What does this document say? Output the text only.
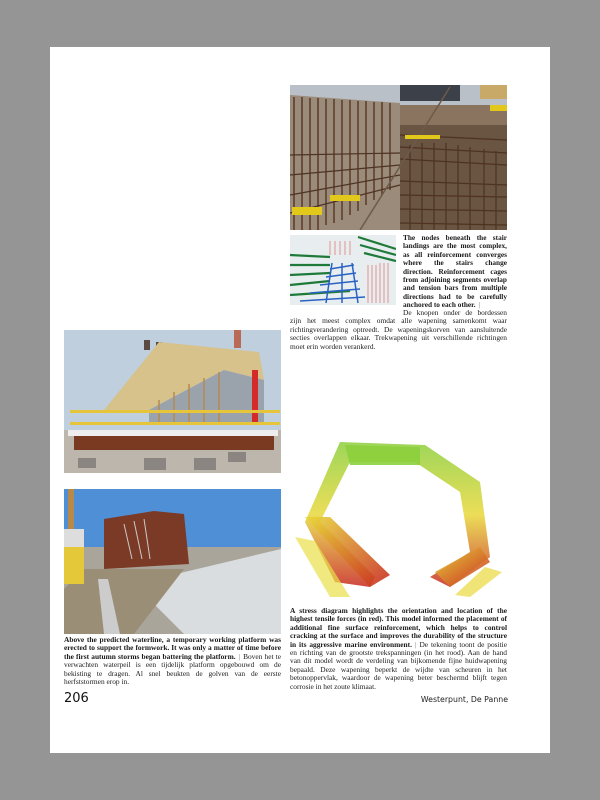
The nodes beneath the stair landings are the most complex, as all reinforcement converges where the stairs change direction. Reinforcement cages from adjoining segments overlap and tension bars from multiple directions had to be carefully anchored to each other. |
De knopen onder de bordessen zijn het meest complex omdat alle wapening samenkomt waar richtingverandering optreedt. De wapeningskorven van aansluitende secties overlappen elkaar. Trekwapening uit verschillende richtingen moet erin worden verankerd.
Above the predicted waterline, a temporary working platform was erected to support the formwork. It was only a matter of time before the first autumn storms began battering the platform. | Boven het te verwachten waterpeil is een tijdelijk platform opgebouwd om de bekisting te dragen. Al snel beukten de golven van de eerste herfststormen erop in.
A stress diagram highlights the orientation and location of the highest tensile forces (in red). This model informed the placement of additional fine surface reinforcement, which helps to control cracking at the surface and improves the durability of the structure in its aggressive marine environment. | De tekening toont de positie en richting van de grootste trekspanningen (in het rood). Aan de hand van dit model wordt de verdeling van bijkomende fijne huidwapening bepaald. Deze wapening beperkt de wijdte van scheuren in het betonoppervlak, waardoor de wapening beter beschermd blijft tegen corrosie in het zoute klimaat.
206	Westerpunt, De Panne
